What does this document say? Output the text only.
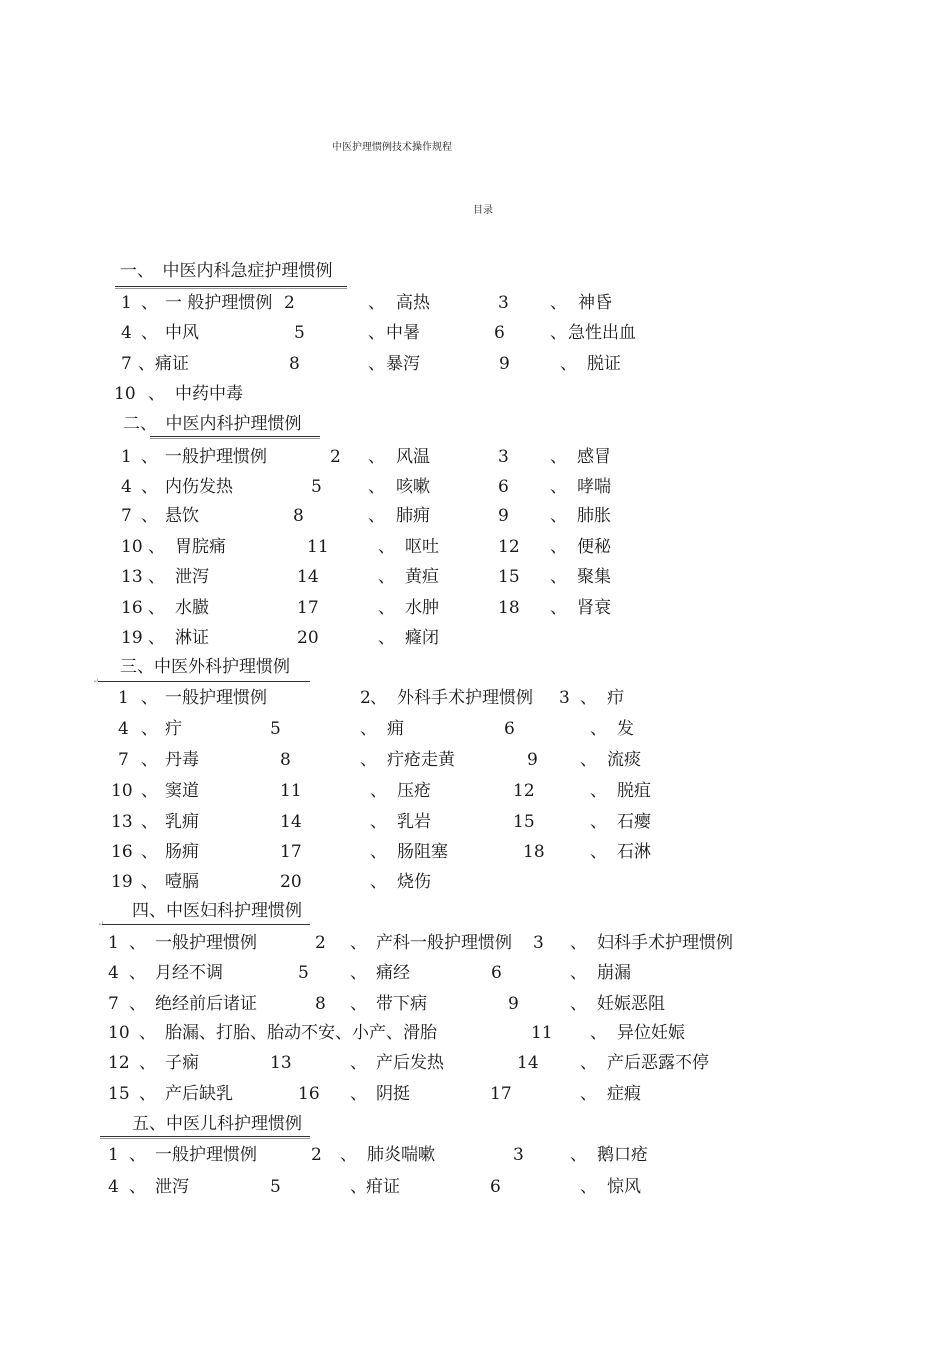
中医护理惯例技术操作规程
目录
一、　中医内科急症护理惯例
1 、 一 般护理惯例 2	、 高热	3 、 神昏
4 、 中风	5	、 中暑	6	、 急性出血
7 、 痛证	8	、 暴泻	9	、 脱证
10 、 中药中毒
二、　中医内科护理惯例
1 、 一般护理惯例	2 、 风温	3 、 感冒
4 、 内伤发热	5	、 咳嗽	6 、 哮喘
7 、 悬饮	8	、 肺痈	9 、 肺胀
10 、 胃脘痛	11	、 呕吐	12 、 便秘
13 、 泄泻	14	、 黄疸	15 、 聚集
16 、 水臌	17	、 水肿	18 、 肾衰
19 、 淋证	20	、 癃闭
↵
三、中医外科护理惯例
1 、 一般护理惯例	2 、 外科手术护理惯例 3 、 疖
4 、 疔	5	、 痈	6	、 发
7 、 丹毒	8	、 疔疮走黄	9 、 流痰
10 、 窦道	11	、 压疮	12	、 脱疽
13 、 乳痈	14	、 乳岩	15	、 石瘿
16 、 肠痈	17	、 肠阻塞	18	、 石淋
19 、 噎膈	20	、 烧伤
↵
四、中医妇科护理惯例
1 、 一般护理惯例	2 、 产科一般护理惯例 3 、 妇科手术护理惯例
4 、 月经不调	5 、 痛经	6	、 崩漏
7 、 绝经前后诸证	8 、 带下病	9	、 妊娠恶阻
10 、 胎漏、打胎、胎动不安、小产、滑胎	11 、 异位妊娠
12 、 子痫	13	、 产后发热	14 、 产后恶露不停
15 、 产后缺乳	16 、 阴挺	17	、 症瘕
五、中医儿科护理惯例
1 、 一般护理惯例	2 、 肺炎喘嗽	3	、 鹅口疮
4 、 泄泻	5	、 疳证	6	、 惊风
